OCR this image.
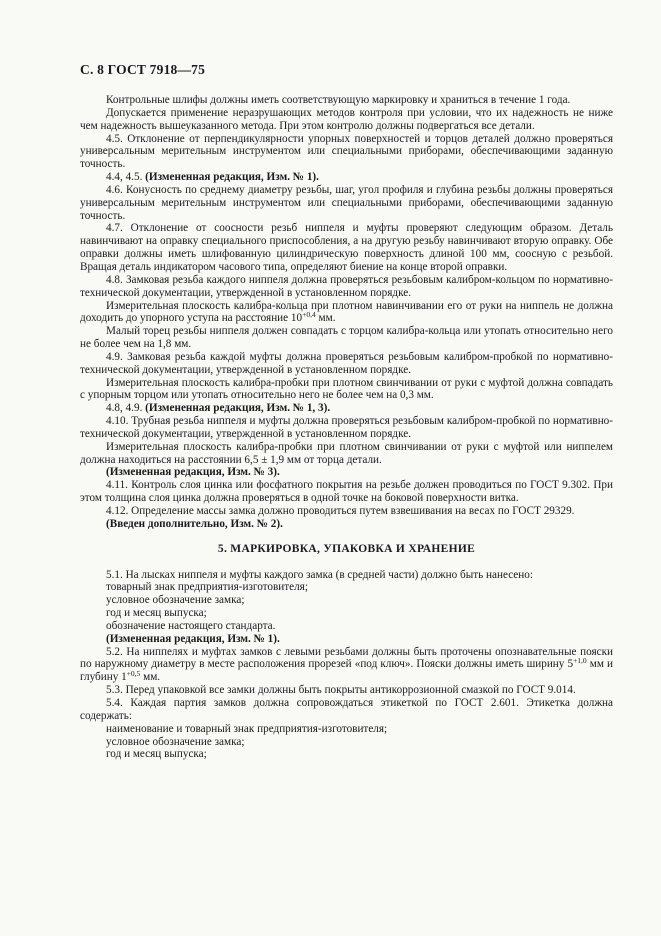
С. 8 ГОСТ 7918—75

Контрольные шлифы должны иметь соответствующую маркировку и храниться в течение 1 года.

Допускается применение неразрушающих методов контроля при условии, что их надежность не ниже чем надежность вышеуказанного метода. При этом контролю должны подвергаться все детали.

4.5. Отклонение от перпендикулярности упорных поверхностей и торцов деталей должно проверяться универсальным мерительным инструментом или специальными приборами, обеспечивающими заданную точность.

4.4, 4.5. (Измененная редакция, Изм. № 1).

4.6. Конусность по среднему диаметру резьбы, шаг, угол профиля и глубина резьбы должны проверяться универсальным мерительным инструментом или специальными приборами, обеспечивающими заданную точность.

4.7. Отклонение от соосности резьб ниппеля и муфты проверяют следующим образом. Деталь навинчивают на оправку специального приспособления, а на другую резьбу навинчивают вторую оправку. Обе оправки должны иметь шлифованную цилиндрическую поверхность длиной 100 мм, соосную с резьбой. Вращая деталь индикатором часового типа, определяют биение на конце второй оправки.

4.8. Замковая резьба каждого ниппеля должна проверяться резьбовым калибром-кольцом по нормативно-технической документации, утвержденной в установленном порядке.

Измерительная плоскость калибра-кольца при плотном навинчивании его от руки на ниппель не должна доходить до упорного уступа на расстояние $10^{+0,4}$ мм.

Малый торец резьбы ниппеля должен совпадать с торцом калибра-кольца или утопать относительно него не более чем на 1,8 мм.

4.9. Замковая резьба каждой муфты должна проверяться резьбовым калибром-пробкой по нормативно-технической документации, утвержденной в установленном порядке.

Измерительная плоскость калибра-пробки при плотном свинчивании от руки с муфтой должна совпадать с упорным торцом или утопать относительно него не более чем на 0,3 мм.

4.8, 4.9. (Измененная редакция, Изм. № 1, 3).

4.10. Трубная резьба ниппеля и муфты должна проверяться резьбовым калибром-пробкой по нормативно-технической документации, утвержденной в установленном порядке.

Измерительная плоскость калибра-пробки при плотном свинчивании от руки с муфтой или ниппелем должна находиться на расстоянии 6,5 ± 1,9 мм от торца детали.

(Измененная редакция, Изм. № 3).

4.11. Контроль слоя цинка или фосфатного покрытия на резьбе должен проводиться по ГОСТ 9.302. При этом толщина слоя цинка должна проверяться в одной точке на боковой поверхности витка.

4.12. Определение массы замка должно проводиться путем взвешивания на весах по ГОСТ 29329.

(Введен дополнительно, Изм. № 2).

5. МАРКИРОВКА, УПАКОВКА И ХРАНЕНИЕ

5.1. На лысках ниппеля и муфты каждого замка (в средней части) должно быть нанесено:

товарный знак предприятия-изготовителя;

условное обозначение замка;

год и месяц выпуска;

обозначение настоящего стандарта.

(Измененная редакция, Изм. № 1).

5.2. На ниппелях и муфтах замков с левыми резьбами должны быть проточены опознавательные пояски по наружному диаметру в месте расположения прорезей «под ключ». Пояски должны иметь ширину $5^{+1,0}$ мм и глубину $1^{+0,5}$ мм.

5.3. Перед упаковкой все замки должны быть покрыты антикоррозионной смазкой по ГОСТ 9.014.

5.4. Каждая партия замков должна сопровождаться этикеткой по ГОСТ 2.601. Этикетка должна содержать:

наименование и товарный знак предприятия-изготовителя;

условное обозначение замка;

год и месяц выпуска;
